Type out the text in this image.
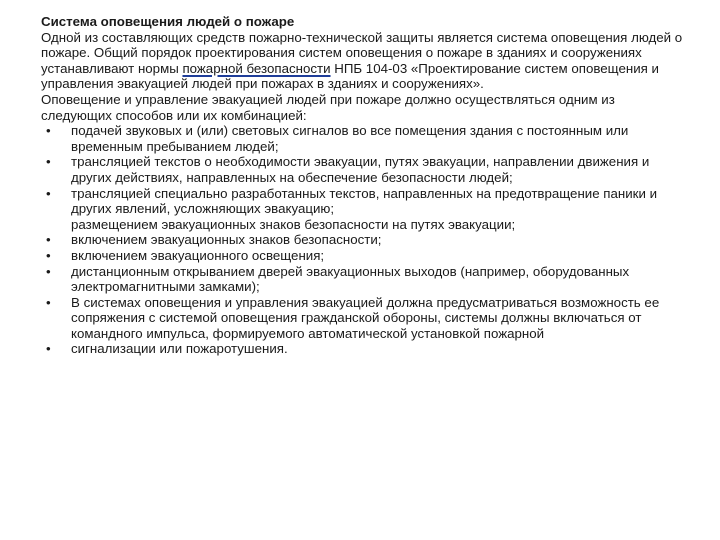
Система оповещения людей о пожаре

Одной из составляющих средств пожарно-технической защиты является система оповещения людей о пожаре. Общий порядок проектирования систем оповещения о пожаре в зданиях и сооружениях устанавливают нормы пожарной безопасности НПБ 104-03 «Проектирование систем оповещения и управления эвакуацией людей при пожарах в зданиях и сооружениях».

Оповещение и управление эвакуацией людей при пожаре должно осуществляться одним из следующих способов или их комбинацией:

•	подачей звуковых и (или) световых сигналов во все помещения здания с постоянным или временным пребыванием людей;
•	трансляцией текстов о необходимости эвакуации, путях эвакуации, направлении движения и других действиях, направленных на обеспечение безопасности людей;
•	трансляцией специально разработанных текстов, направленных на предотвращение паники и других явлений, усложняющих эвакуацию;
размещением эвакуационных знаков безопасности на путях эвакуации;
•	включением эвакуационных знаков безопасности;
•	включением эвакуационного освещения;
•	дистанционным открыванием дверей эвакуационных выходов (например, оборудованных электромагнитными замками);
•	В системах оповещения и управления эвакуацией должна предусматриваться возможность ее сопряжения с системой оповещения гражданской обороны, системы должны включаться от командного импульса, формируемого автоматической установкой пожарной
•	сигнализации или пожаротушения.
